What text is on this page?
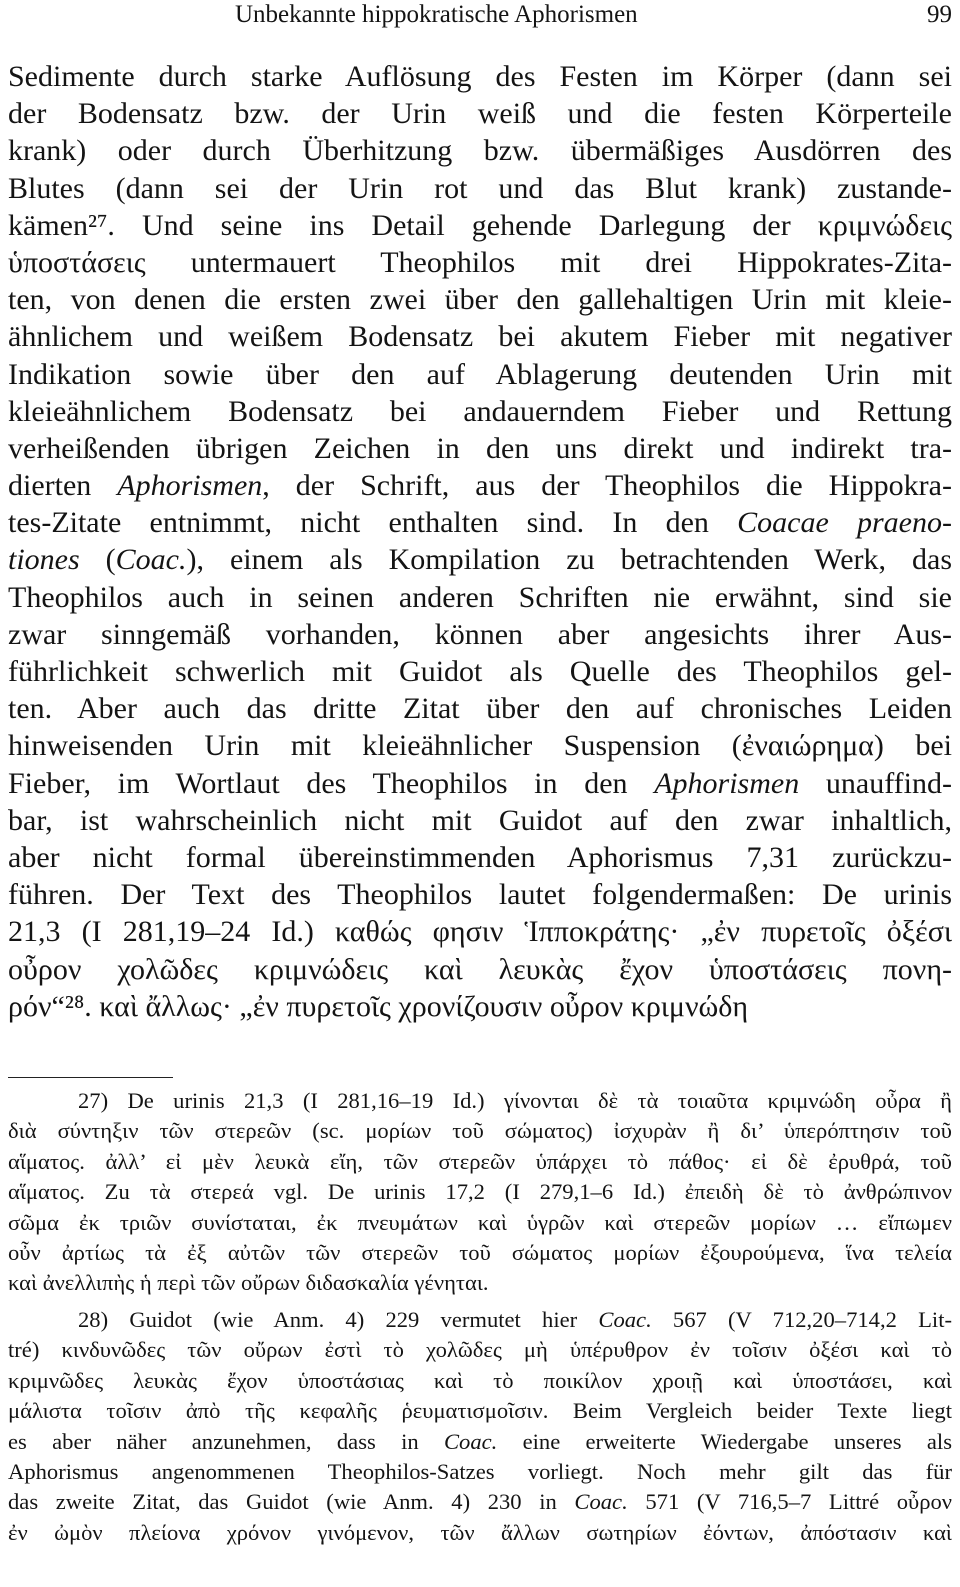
Unbekannte hippokratische Aphorismen	99
Sedimente durch starke Auflösung des Festen im Körper (dann sei
der Bodensatz bzw. der Urin weiß und die festen Körperteile
krank) oder durch Überhitzung bzw. übermäßiges Ausdörren des
Blutes (dann sei der Urin rot und das Blut krank) zustande-
kämen²⁷. Und seine ins Detail gehende Darlegung der κριμνώδεις
ὑποστάσεις untermauert Theophilos mit drei Hippokrates-Zita-
ten, von denen die ersten zwei über den gallehaltigen Urin mit kleie-
ähnlichem und weißem Bodensatz bei akutem Fieber mit negativer
Indikation sowie über den auf Ablagerung deutenden Urin mit
kleieähnlichem Bodensatz bei andauerndem Fieber und Rettung
verheißenden übrigen Zeichen in den uns direkt und indirekt tra-
dierten Aphorismen, der Schrift, aus der Theophilos die Hippokra-
tes-Zitate entnimmt, nicht enthalten sind. In den Coacae praeno-
tiones (Coac.), einem als Kompilation zu betrachtenden Werk, das
Theophilos auch in seinen anderen Schriften nie erwähnt, sind sie
zwar sinngemäß vorhanden, können aber angesichts ihrer Aus-
führlichkeit schwerlich mit Guidot als Quelle des Theophilos gel-
ten. Aber auch das dritte Zitat über den auf chronisches Leiden
hinweisenden Urin mit kleieähnlicher Suspension (ἐναιώρημα) bei
Fieber, im Wortlaut des Theophilos in den Aphorismen unauffind-
bar, ist wahrscheinlich nicht mit Guidot auf den zwar inhaltlich,
aber nicht formal übereinstimmenden Aphorismus 7,31 zurückzu-
führen. Der Text des Theophilos lautet folgendermaßen: De urinis
21,3 (I 281,19–24 Id.) καθώς φησιν Ἱπποκράτης· „ἐν πυρετοῖς ὀξέσι
οὖρον χολῶδες κριμνώδεις καὶ λευκὰς ἔχον ὑποστάσεις πονη-
ρόν“²⁸. καὶ ἄλλως· „ἐν πυρετοῖς χρονίζουσιν οὖρον κριμνώδη
27) De urinis 21,3 (I 281,16–19 Id.) γίνονται δὲ τὰ τοιαῦτα κριμνώδη οὖρα ἢ
διὰ σύντηξιν τῶν στερεῶν (sc. μορίων τοῦ σώματος) ἰσχυρὰν ἢ δι’ ὑπερόπτησιν τοῦ
αἵματος. ἀλλ’ εἰ μὲν λευκὰ εἴη, τῶν στερεῶν ὑπάρχει τὸ πάθος· εἰ δὲ ἐρυθρά, τοῦ
αἵματος. Zu τὰ στερεά vgl. De urinis 17,2 (I 279,1–6 Id.) ἐπειδὴ δὲ τὸ ἀνθρώπινον
σῶμα ἐκ τριῶν συνίσταται, ἐκ πνευμάτων καὶ ὑγρῶν καὶ στερεῶν μορίων … εἴπωμεν
οὖν ἀρτίως τὰ ἐξ αὐτῶν τῶν στερεῶν τοῦ σώματος μορίων ἐξουρούμενα, ἵνα τελεία
καὶ ἀνελλιπὴς ἡ περὶ τῶν οὔρων διδασκαλία γένηται.
28) Guidot (wie Anm. 4) 229 vermutet hier Coac. 567 (V 712,20–714,2 Lit-
tré) κινδυνῶδες τῶν οὔρων ἐστὶ τὸ χολῶδες μὴ ὑπέρυθρον ἐν τοῖσιν ὀξέσι καὶ τὸ
κριμνῶδες λευκὰς ἔχον ὑποστάσιας καὶ τὸ ποικίλον χροιῇ καὶ ὑποστάσει, καὶ
μάλιστα τοῖσιν ἀπὸ τῆς κεφαλῆς ῥευματισμοῖσιν. Beim Vergleich beider Texte liegt
es aber näher anzunehmen, dass in Coac. eine erweiterte Wiedergabe unseres als
Aphorismus angenommenen Theophilos-Satzes vorliegt. Noch mehr gilt das für
das zweite Zitat, das Guidot (wie Anm. 4) 230 in Coac. 571 (V 716,5–7 Littré οὖρον
ἐν ὠμὸν πλείονα χρόνον γινόμενον, τῶν ἄλλων σωτηρίων ἐόντων, ἀπόστασιν καὶ
